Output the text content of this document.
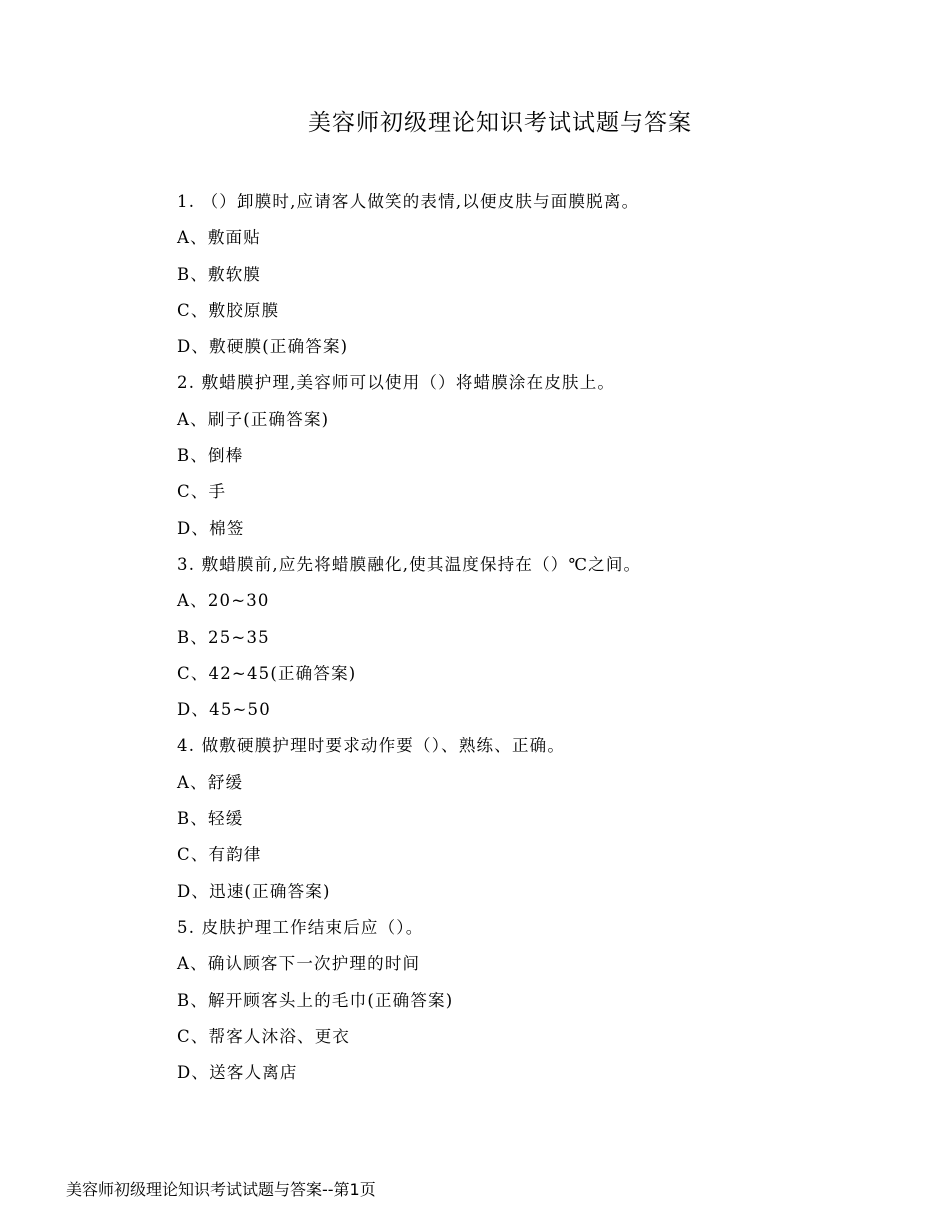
美容师初级理论知识考试试题与答案
1. （）卸膜时,应请客人做笑的表情,以便皮肤与面膜脱离。
A、敷面贴
B、敷软膜
C、敷胶原膜
D、敷硬膜(正确答案)
2. 敷蜡膜护理,美容师可以使用（）将蜡膜涂在皮肤上。
A、刷子(正确答案)
B、倒棒
C、手
D、棉签
3. 敷蜡膜前,应先将蜡膜融化,使其温度保持在（）℃之间。
A、20~30
B、25~35
C、42~45(正确答案)
D、45~50
4. 做敷硬膜护理时要求动作要（）、熟练、正确。
A、舒缓
B、轻缓
C、有韵律
D、迅速(正确答案)
5. 皮肤护理工作结束后应（）。
A、确认顾客下一次护理的时间
B、解开顾客头上的毛巾(正确答案)
C、帮客人沐浴、更衣
D、送客人离店
美容师初级理论知识考试试题与答案--第1页
